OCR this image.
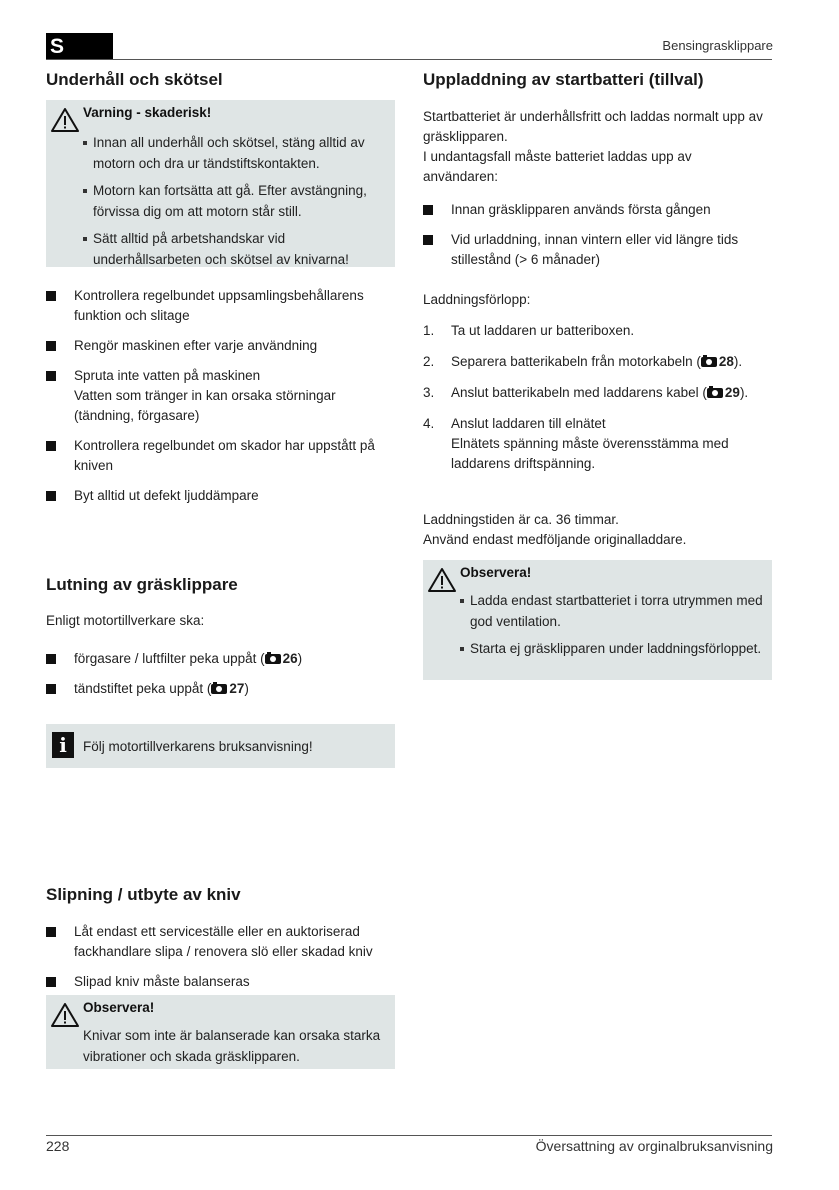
S	Bensingrasklippare
Underhåll och skötsel
Varning - skaderisk!
Innan all underhåll och skötsel, stäng alltid av motorn och dra ur tändstiftskontakten.
Motorn kan fortsätta att gå. Efter avstängning, förvissa dig om att motorn står still.
Sätt alltid på arbetshandskar vid underhållsarbeten och skötsel av knivarna!
Kontrollera regelbundet uppsamlingsbehållarens funktion och slitage
Rengör maskinen efter varje användning
Spruta inte vatten på maskinen
Vatten som tränger in kan orsaka störningar (tändning, förgasare)
Kontrollera regelbundet om skador har uppstått på kniven
Byt alltid ut defekt ljuddämpare
Lutning av gräsklippare
Enligt motortillverkare ska:
förgasare / luftfilter peka uppåt ( 26)
tändstiftet peka uppåt ( 27)
i	Följ motortillverkarens bruksanvisning!
Slipning / utbyte av kniv
Låt endast ett serviceställe eller en auktoriserad fackhandlare slipa / renovera slö eller skadad kniv
Slipad kniv måste balanseras
Observera!
Knivar som inte är balanserade kan orsaka starka vibrationer och skada gräsklipparen.
Uppladdning av startbatteri (tillval)
Startbatteriet är underhållsfritt och laddas normalt upp av gräsklipparen.
I undantagsfall måste batteriet laddas upp av användaren:
Innan gräsklipparen används första gången
Vid urladdning, innan vintern eller vid längre tids stillestånd (> 6 månader)
Laddningsförlopp:
1. Ta ut laddaren ur batteriboxen.
2. Separera batterikabeln från motorkabeln ( 28).
3. Anslut batterikabeln med laddarens kabel ( 29).
4. Anslut laddaren till elnätet
Elnätets spänning måste överensstämma med laddarens driftspänning.
Laddningstiden är ca. 36 timmar.
Använd endast medföljande originalladdare.
Observera!
Ladda endast startbatteriet i torra utrymmen med god ventilation.
Starta ej gräsklipparen under laddningsförloppet.
228	Översattning av orginalbruksanvisning
